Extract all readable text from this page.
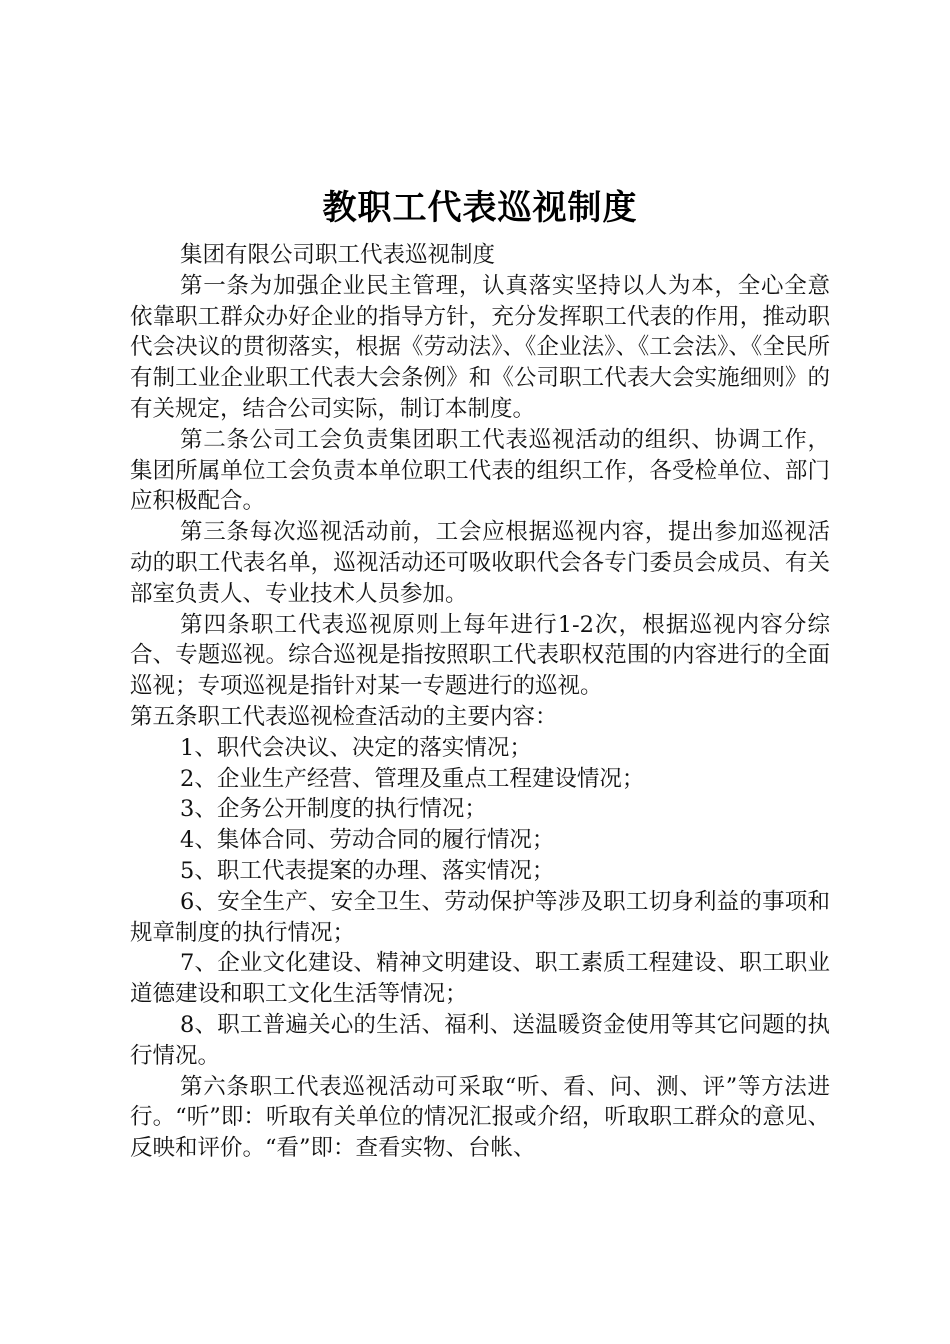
教职工代表巡视制度

集团有限公司职工代表巡视制度

第一条为加强企业民主管理，认真落实坚持以人为本，全心全意依靠职工群众办好企业的指导方针，充分发挥职工代表的作用，推动职代会决议的贯彻落实，根据《劳动法》、《企业法》、《工会法》、《全民所有制工业企业职工代表大会条例》和《公司职工代表大会实施细则》的有关规定，结合公司实际，制订本制度。

第二条公司工会负责集团职工代表巡视活动的组织、协调工作，集团所属单位工会负责本单位职工代表的组织工作，各受检单位、部门应积极配合。

第三条每次巡视活动前，工会应根据巡视内容，提出参加巡视活动的职工代表名单，巡视活动还可吸收职代会各专门委员会成员、有关部室负责人、专业技术人员参加。

第四条职工代表巡视原则上每年进行1-2次，根据巡视内容分综合、专题巡视。综合巡视是指按照职工代表职权范围的内容进行的全面巡视；专项巡视是指针对某一专题进行的巡视。

第五条职工代表巡视检查活动的主要内容：

1、职代会决议、决定的落实情况；

2、企业生产经营、管理及重点工程建设情况；

3、企务公开制度的执行情况；

4、集体合同、劳动合同的履行情况；

5、职工代表提案的办理、落实情况；

6、安全生产、安全卫生、劳动保护等涉及职工切身利益的事项和规章制度的执行情况；

7、企业文化建设、精神文明建设、职工素质工程建设、职工职业道德建设和职工文化生活等情况；

8、职工普遍关心的生活、福利、送温暖资金使用等其它问题的执行情况。

第六条职工代表巡视活动可采取“听、看、问、测、评”等方法进行。“听”即：听取有关单位的情况汇报或介绍，听取职工群众的意见、反映和评价。“看”即：查看实物、台帐、
